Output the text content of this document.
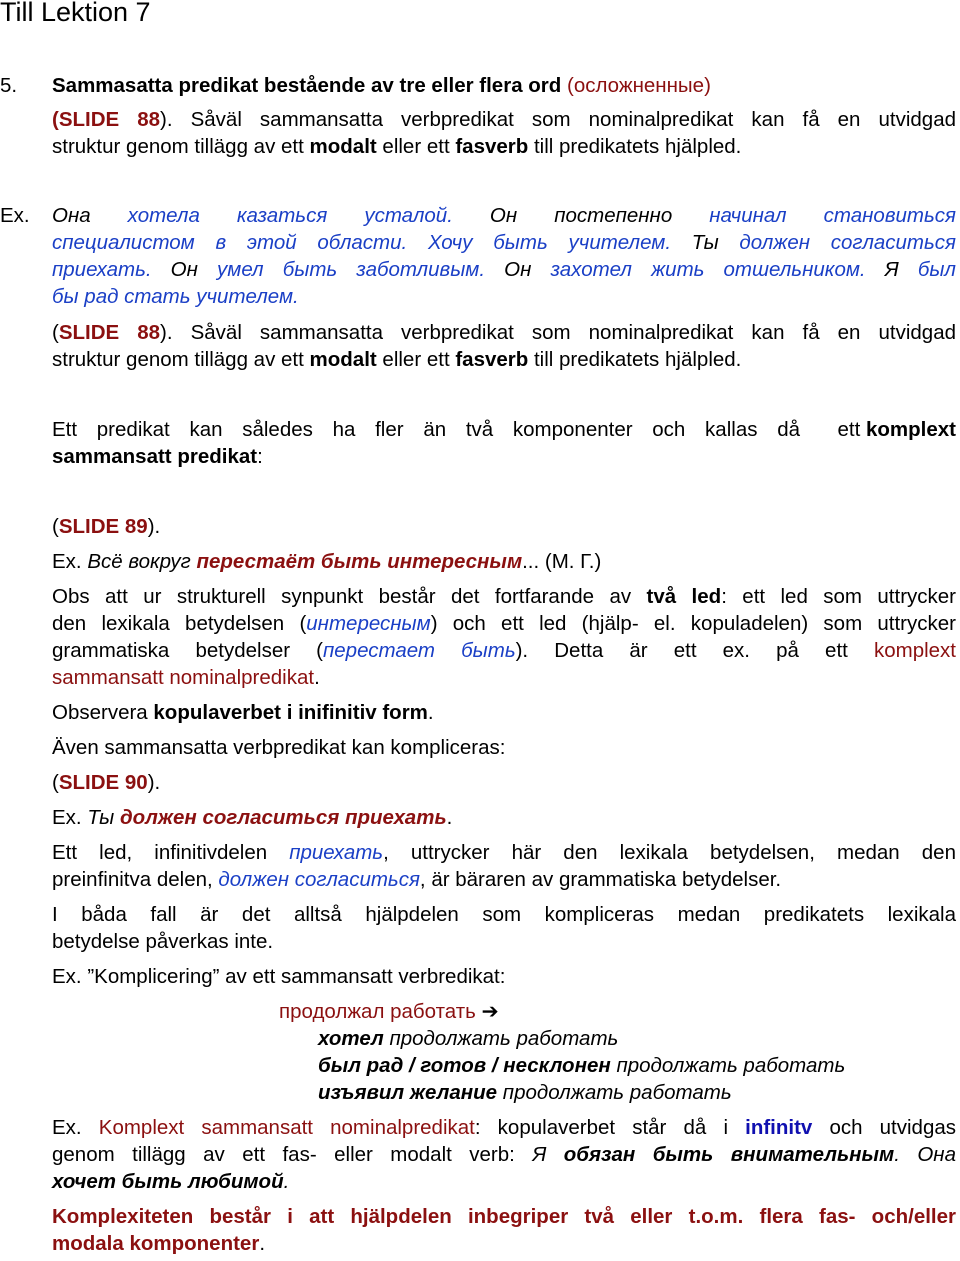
Till Lektion 7
5. Sammasatta predikat bestående av tre eller flera ord (осложненные)
(SLIDE 88). Såväl sammansatta verbpredikat som nominalpredikat kan få en utvidgad
struktur genom tillägg av ett modalt eller ett fasverb till predikatets hjälpled.
Ex. Она хотела казаться усталой. Он постепенно начинал становиться
специалистом в этой области. Хочу быть учителем. Ты должен согласиться
приехать. Он умел быть заботливым. Он захотел жить отшельником. Я был
бы рад стать учителем.
(SLIDE 88). Såväl sammansatta verbpredikat som nominalpredikat kan få en utvidgad
struktur genom tillägg av ett modalt eller ett fasverb till predikatets hjälpled.
Ett predikat kan således ha fler än två komponenter och kallas då ett komplext
sammansatt predikat:
(SLIDE 89).
Ex. Всё вокруг перестаёт быть интересным... (М. Г.)
Obs att ur strukturell synpunkt består det fortfarande av två led: ett led som uttrycker
den lexikala betydelsen (интересным) och ett led (hjälp- el. kopuladelen) som uttrycker
grammatiska betydelser (перестает быть). Detta är ett ex. på ett komplext
sammansatt nominalpredikat.
Observera kopulaverbet i inifinitiv form.
Även sammansatta verbpredikat kan kompliceras:
(SLIDE 90).
Ex. Ты должен согласиться приехать.
Ett led, infinitivdelen приехать, uttrycker här den lexikala betydelsen, medan den
preinfinitva delen, должен согласиться, är bäraren av grammatiska betydelser.
I båda fall är det alltså hjälpdelen som kompliceras medan predikatets lexikala
betydelse påverkas inte.
Ex. ”Komplicering” av ett sammansatt verbredikat:
продолжал работать ➔
хотел продолжать работать
был рад / готов / несклонен продолжать работать
изъявил желание продолжать работать
Ex. Komplext sammansatt nominalpredikat: kopulaverbet står då i infinitv och utvidgas
genom tillägg av ett fas- eller modalt verb: Я обязан быть внимательным. Она
хочет быть любимой.
Komplexiteten består i att hjälpdelen inbegriper två eller t.o.m. flera fas- och/eller
modala komponenter.
